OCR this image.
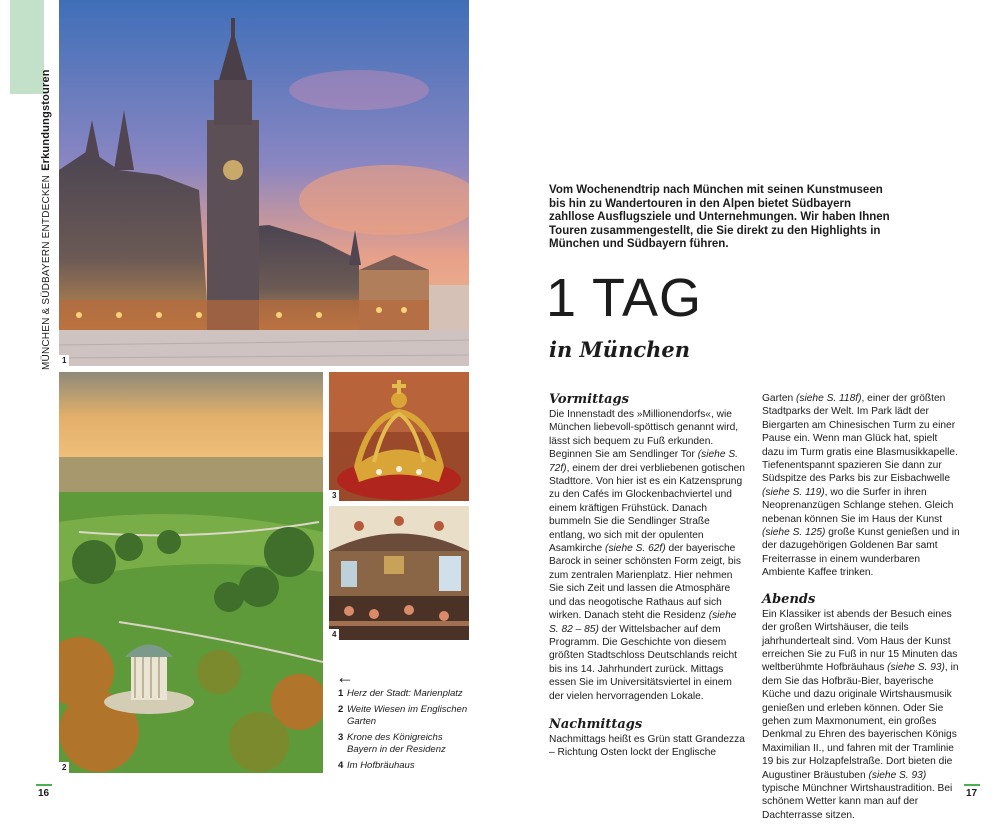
MÜNCHEN & SÜDBAYERN ENTDECKENErkundungstouren
1
2
3
4
←
1 Herz der Stadt: Marienplatz
2 Weite Wiesen im Englischen Garten
3 Krone des Königreichs Bayern in der Residenz
4 Im Hofbräuhaus
16	17
Vom Wochenendtrip nach München mit seinen Kunstmuseen bis hin zu Wandertouren in den Alpen bietet Südbayern zahllose Ausflugsziele und Unternehmungen. Wir haben Ihnen Touren zusammengestellt, die Sie direkt zu den Highlights in München und Südbayern führen.
1 TAG
in München
Vormittags

Die Innenstadt des »Millionendorfs«, wie München liebevoll-spöttisch genannt wird, lässt sich bequem zu Fuß erkunden. Beginnen Sie am Sendlinger Tor (siehe S. 72f), einem der drei verbliebenen gotischen Stadttore. Von hier ist es ein Katzensprung zu den Cafés im Glockenbachviertel und einem kräftigen Frühstück. Danach bummeln Sie die Sendlinger Straße entlang, wo sich mit der opulenten Asamkirche (siehe S. 62f) der bayerische Barock in seiner schönsten Form zeigt, bis zum zentralen Marienplatz. Hier nehmen Sie sich Zeit und lassen die Atmosphäre und das neogotische Rathaus auf sich wirken. Danach steht die Residenz (siehe S. 82 – 85) der Wittelsbacher auf dem Programm. Die Geschichte von diesem größten Stadtschloss Deutschlands reicht bis ins 14. Jahrhundert zurück. Mittags essen Sie im Universitätsviertel in einem der vielen hervorragenden Lokale.

Nachmittags

Nachmittags heißt es Grün statt Grandezza – Richtung Osten lockt der Englische

Garten (siehe S. 118f), einer der größten Stadtparks der Welt. Im Park lädt der Biergarten am Chinesischen Turm zu einer Pause ein. Wenn man Glück hat, spielt dazu im Turm gratis eine Blasmusikkapelle. Tiefenentspannt spazieren Sie dann zur Südspitze des Parks bis zur Eisbachwelle (siehe S. 119), wo die Surfer in ihren Neoprenanzügen Schlange stehen. Gleich nebenan können Sie im Haus der Kunst (siehe S. 125) große Kunst genießen und in der dazugehörigen Goldenen Bar samt Freiterrasse in einem wunderbaren Ambiente Kaffee trinken.

Abends

Ein Klassiker ist abends der Besuch eines der großen Wirtshäuser, die teils jahrhundertealt sind. Vom Haus der Kunst erreichen Sie zu Fuß in nur 15 Minuten das weltberühmte Hofbräuhaus (siehe S. 93), in dem Sie das Hofbräu-Bier, bayerische Küche und dazu originale Wirtshausmusik genießen und erleben können. Oder Sie gehen zum Maxmonument, ein großes Denkmal zu Ehren des bayerischen Königs Maximilian II., und fahren mit der Tramlinie 19 bis zur Holzapfelstraße. Dort bieten die Augustiner Bräustuben (siehe S. 93) typische Münchner Wirtshaustradition. Bei schönem Wetter kann man auf der Dachterrasse sitzen.
